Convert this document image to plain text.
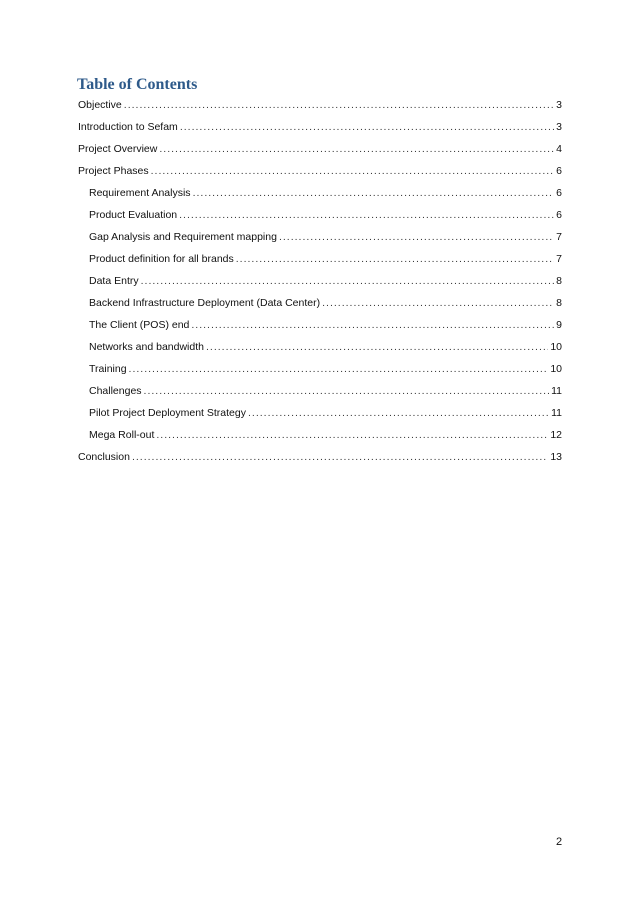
Table of Contents
Objective .....	3
Introduction to Sefam .....	3
Project Overview .....	4
Project Phases .....	6
Requirement Analysis .....	6
Product Evaluation .....	6
Gap Analysis and Requirement mapping .....	7
Product definition for all brands .....	7
Data Entry .....	8
Backend Infrastructure Deployment (Data Center) .....	8
The Client (POS) end .....	9
Networks and bandwidth .....	10
Training .....	10
Challenges .....	11
Pilot Project Deployment Strategy .....	11
Mega Roll-out .....	12
Conclusion .....	13
2
